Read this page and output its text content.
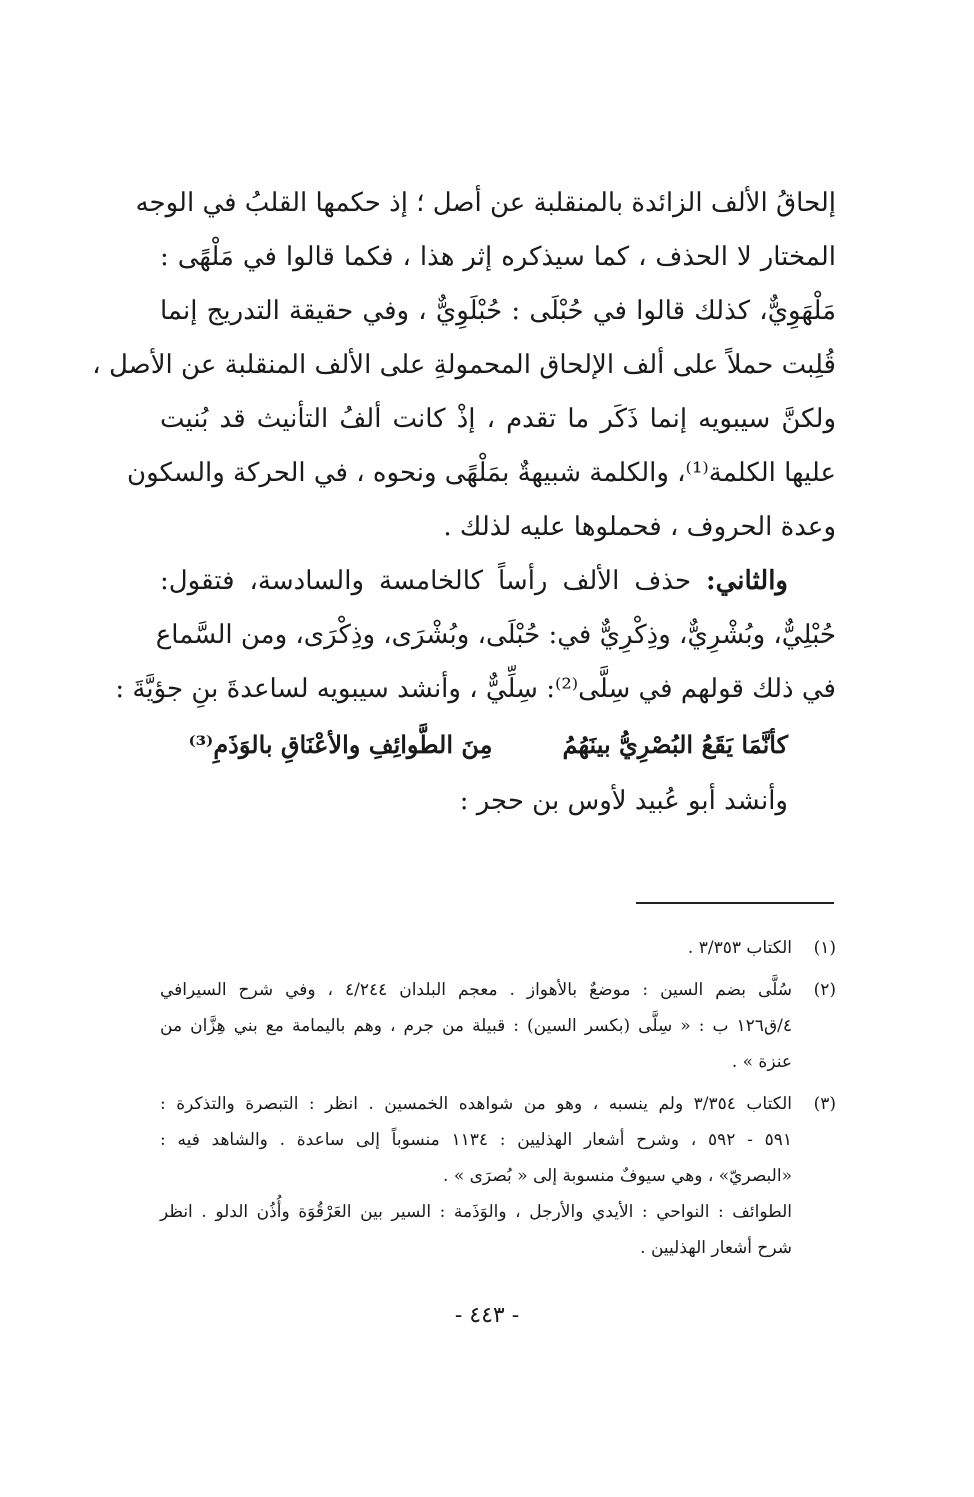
إلحاقُ الألف الزائدة بالمنقلبة عن أصل ؛ إذ حكمها القلبُ في الوجه
المختار لا الحذف ، كما سيذكره إثر هذا ، فكما قالوا في مَلْهًى :
مَلْهَوِيٌّ، كذلك قالوا في حُبْلَى : حُبْلَوِيٌّ ، وفي حقيقة التدريج إنما
قُلِبت حملاً على ألف الإلحاق المحمولةِ على الألف المنقلبة عن الأصل ،
ولكنَّ سيبويه إنما ذَكَر ما تقدم ، إذْ كانت ألفُ التأنيث قد بُنيت
عليها الكلمة⁽¹⁾، والكلمة شبيهةٌ بمَلْهًى ونحوه ، في الحركة والسكون
وعدة الحروف ، فحملوها عليه لذلك .
والثاني: حذف الألف رأساً كالخامسة والسادسة، فتقول:
حُبْلِيٌّ، وبُشْرِيٌّ، وذِكْرِيٌّ في: حُبْلَى، وبُشْرَى، وذِكْرَى، ومن السَّماع
في ذلك قولهم في سِلَّى⁽²⁾: سِلِّيٌّ ، وأنشد سيبويه لساعدةَ بنِ جؤيَّةَ :
كأنَّمَا يَقَعُ البُصْرِيُّ بينَهُمُ
مِنَ الطَّوائِفِ والأعْنَاقِ بالوَذَمِ⁽³⁾
وأنشد أبو عُبيد لأوس بن حجر :
(١)
الكتاب ٣/٣٥٣ .
(٢)
سُلَّى بضم السين : موضعٌ بالأهواز . معجم البلدان ٤/٢٤٤ ، وفي شرح السيرافي
٤/ق١٢٦ ب : « سِلَّى (بكسر السين) : قبيلة من جرم ، وهم باليمامة مع بني هِزَّان من
عنزة » .
(٣)
الكتاب ٣/٣٥٤ ولم ينسبه ، وهو من شواهده الخمسين . انظر : التبصرة والتذكرة :
٥٩١ - ٥٩٢ ، وشرح أشعار الهذليين : ١١٣٤ منسوباً إلى ساعدة . والشاهد فيه :
«البصريّ» ، وهي سيوفٌ منسوبة إلى « بُصرَى » .
الطوائف : النواحي : الأيدي والأرجل ، والوَذَمة : السير بين العَرْقُوَة وأُذُن الدلو . انظر
شرح أشعار الهذليين .
- ٤٤٣ -
